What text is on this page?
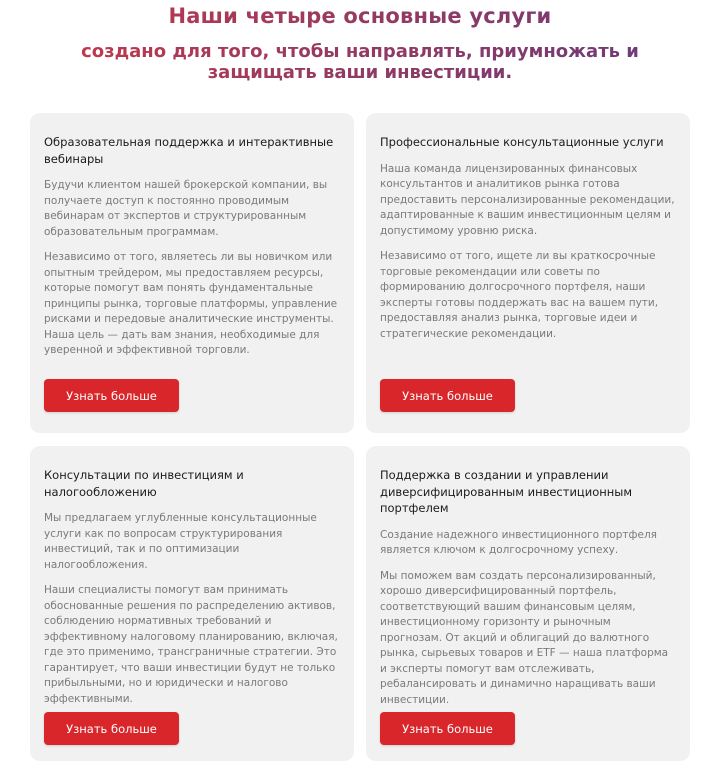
Наши четыре основные услуги
создано для того, чтобы направлять, приумножать и защищать ваши инвестиции.
Образовательная поддержка и интерактивные вебинары

Будучи клиентом нашей брокерской компании, вы получаете доступ к постоянно проводимым вебинарам от экспертов и структурированным образовательным программам.

Независимо от того, являетесь ли вы новичком или опытным трейдером, мы предоставляем ресурсы, которые помогут вам понять фундаментальные принципы рынка, торговые платформы, управление рисками и передовые аналитические инструменты. Наша цель — дать вам знания, необходимые для уверенной и эффективной торговли.

Узнать больше
Профессиональные консультационные услуги

Наша команда лицензированных финансовых консультантов и аналитиков рынка готова предоставить персонализированные рекомендации, адаптированные к вашим инвестиционным целям и допустимому уровню риска.

Независимо от того, ищете ли вы краткосрочные торговые рекомендации или советы по формированию долгосрочного портфеля, наши эксперты готовы поддержать вас на вашем пути, предоставляя анализ рынка, торговые идеи и стратегические рекомендации.

Узнать больше
Консультации по инвестициям и налогообложению

Мы предлагаем углубленные консультационные услуги как по вопросам структурирования инвестиций, так и по оптимизации налогообложения.

Наши специалисты помогут вам принимать обоснованные решения по распределению активов, соблюдению нормативных требований и эффективному налоговому планированию, включая, где это применимо, трансграничные стратегии. Это гарантирует, что ваши инвестиции будут не только прибыльными, но и юридически и налогово эффективными.

Узнать больше
Поддержка в создании и управлении диверсифицированным инвестиционным портфелем

Создание надежного инвестиционного портфеля является ключом к долгосрочному успеху.

Мы поможем вам создать персонализированный, хорошо диверсифицированный портфель, соответствующий вашим финансовым целям, инвестиционному горизонту и рыночным прогнозам. От акций и облигаций до валютного рынка, сырьевых товаров и ETF — наша платформа и эксперты помогут вам отслеживать, ребалансировать и динамично наращивать ваши инвестиции.

Узнать больше
